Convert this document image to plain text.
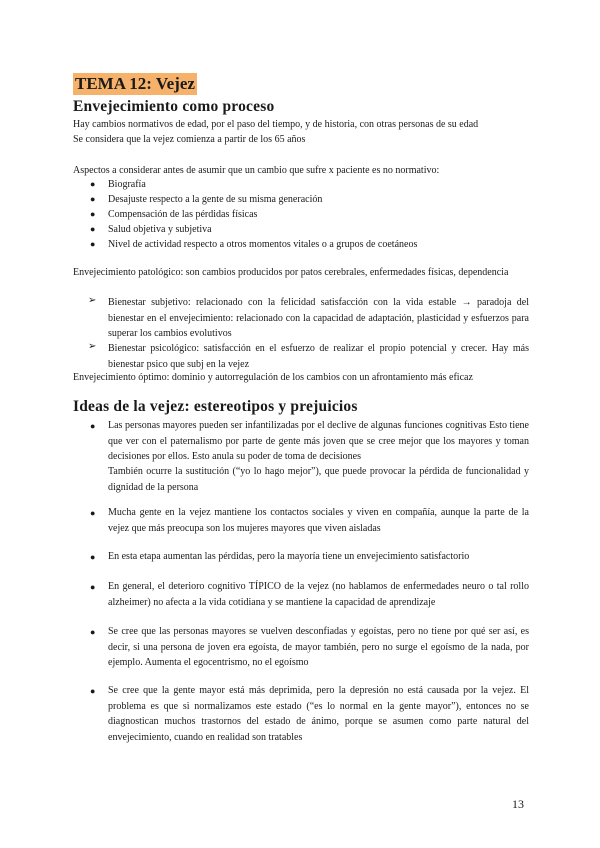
TEMA 12: Vejez
Envejecimiento como proceso
Hay cambios normativos de edad, por el paso del tiempo, y de historia, con otras personas de su edad
Se considera que la vejez comienza a partir de los 65 años
Aspectos a considerar antes de asumir que un cambio que sufre x paciente es no normativo:
● Biografía
● Desajuste respecto a la gente de su misma generación
● Compensación de las pérdidas físicas
● Salud objetiva y subjetiva
● Nivel de actividad respecto a otros momentos vitales o a grupos de coetáneos
Envejecimiento patológico: son cambios producidos por patos cerebrales, enfermedades físicas, dependencia
➢ Bienestar subjetivo: relacionado con la felicidad satisfacción con la vida estable → paradoja del bienestar en el envejecimiento: relacionado con la capacidad de adaptación, plasticidad y esfuerzos para superar los cambios evolutivos
➢ Bienestar psicológico: satisfacción en el esfuerzo de realizar el propio potencial y crecer. Hay más bienestar psico que subj en la vejez
Envejecimiento óptimo: dominio y autorregulación de los cambios con un afrontamiento más eficaz
Ideas de la vejez: estereotipos y prejuicios
● Las personas mayores pueden ser infantilizadas por el declive de algunas funciones cognitivas Esto tiene que ver con el paternalismo por parte de gente más joven que se cree mejor que los mayores y toman decisiones por ellos. Esto anula su poder de toma de decisiones
También ocurre la sustitución (“yo lo hago mejor”), que puede provocar la pérdida de funcionalidad y dignidad de la persona
● Mucha gente en la vejez mantiene los contactos sociales y viven en compañía, aunque la parte de la vejez que más preocupa son los mujeres mayores que viven aisladas
● En esta etapa aumentan las pérdidas, pero la mayoría tiene un envejecimiento satisfactorio
● En general, el deterioro cognitivo TÍPICO de la vejez (no hablamos de enfermedades neuro o tal rollo alzheimer) no afecta a la vida cotidiana y se mantiene la capacidad de aprendizaje
● Se cree que las personas mayores se vuelven desconfiadas y egoístas, pero no tiene por qué ser así, es decir, si una persona de joven era egoísta, de mayor también, pero no surge el egoísmo de la nada, por ejemplo. Aumenta el egocentrismo, no el egoísmo
● Se cree que la gente mayor está más deprimida, pero la depresión no está causada por la vejez. El problema es que si normalizamos este estado (“es lo normal en la gente mayor”), entonces no se diagnostican muchos trastornos del estado de ánimo, porque se asumen como parte natural del envejecimiento, cuando en realidad son tratables
13
